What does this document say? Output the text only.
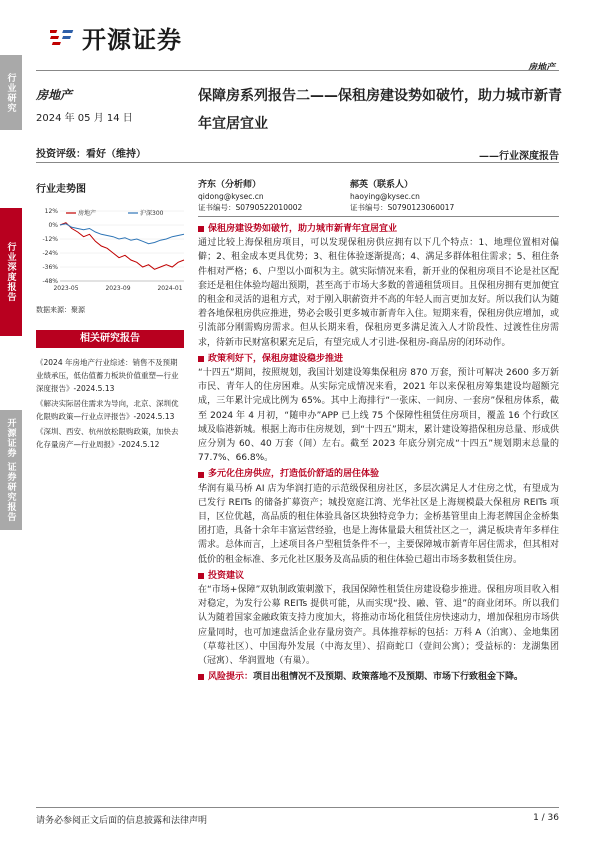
开源证券
房地产
行业研究
行业深度报告
开源证券 证券研究报告
房地产
2024 年 05 月 14 日
投资评级：看好（维持）
行业走势图
12%
0%
-12%
-24%
-36%
-48%
2023-05	2023-09	2024-01
房地产	沪深300
数据来源：聚源
相关研究报告
《2024 年房地产行业综述：销售不及预期业绩承压，低估值蓄力板块价值重塑—行业深度报告》-2024.5.13
《解决实际居住需求为导向，北京、深圳优化限购政策—行业点评报告》-2024.5.13
《深圳、西安、杭州放松限购政策，加快去化存量房产—行业周报》-2024.5.12
保障房系列报告二——保租房建设势如破竹，助力城市新青年宜居宜业
——行业深度报告
齐东（分析师）
qidong@kysec.cn
证书编号：S0790522010002
郝英（联系人）
haoying@kysec.cn
证书编号：S0790123060017
保租房建设势如破竹，助力城市新青年宜居宜业
通过比较上海保租房项目，可以发现保租房供应拥有以下几个特点：1、地理位置相对偏僻；2、租金成本更具优势；3、租住体验逐渐提高；4、满足多群体租住需求；5、租住条件相对严格；6、户型以小面积为主。就实际情况来看，新开业的保租房项目不论是社区配套还是租住体验均超出预期，甚至高于市场大多数的普通租赁项目。且保租房拥有更加便宜的租金和灵活的退租方式，对于刚入职薪资并不高的年轻人而言更加友好。所以我们认为随着各地保租房供应推进，势必会吸引更多城市新青年入住。短期来看，保租房供应增加，或引流部分刚需购房需求。但从长期来看，保租房更多满足流入人才阶段性、过渡性住房需求，待新市民财富积累充足后，有望完成人才引进-保租房-商品房的闭环动作。
政策利好下，保租房建设稳步推进
“十四五”期间，按照规划，我国计划建设筹集保租房 870 万套，预计可解决 2600 多万新市民、青年人的住房困难。从实际完成情况来看，2021 年以来保租房筹集建设均超额完成，三年累计完成比例为 65%。其中上海排行“一张床、一间房、一套房”保租房体系，截至 2024 年 4 月初，“随申办”APP 已上线 75 个保障性租赁住房项目，覆盖 16 个行政区域及临港新城。根据上海市住房规划，到“十四五”期末，累计建设筹措保租房总量、形成供应分别为 60、40 万套（间）左右。截至 2023 年底分别完成“十四五”规划期末总量的 77.7%、66.8%。
多元化住房供应，打造低价舒适的居住体验
华润有巢马桥 AI 店为华润打造的示范级保租房社区，多层次满足人才住房之忧，有望成为已发行 REITs 的储备扩募资产；城投宽庭江湾、光华社区是上海规模最大保租房 REITs 项目，区位优越，高品质的租住体验具备区块独特竞争力；金桥基管里由上海老牌国企金桥集团打造，具备十余年丰富运营经验，也是上海体量最大租赁社区之一，满足板块青年多样住需求。总体而言，上述项目各户型租赁条件不一，主要保障城市新青年居住需求，但其相对低价的租金标准、多元化社区服务及高品质的租住体验已超出市场多数租赁住房。
投资建议
在“市场+保障”双轨制政策刺激下，我国保障性租赁住房建设稳步推进。保租房项目收入相对稳定，为发行公募 REITs 提供可能，从而实现“投、融、管、退”的商业闭环。所以我们认为随着国家金融政策支持力度加大，将推动市场化租赁住房快速动力，增加保租房市场供应量同时，也可加速盘活企业存量房资产。具体推荐标的包括：万科 A（泊寓）、金地集团（草莓社区）、中国海外发展（中海友里）、招商蛇口（壹间公寓）；受益标的：龙湖集团（冠寓）、华润置地（有巢）。
风险提示： 项目出租情况不及预期、政策落地不及预期、市场下行致租金下降。
请务必参阅正文后面的信息披露和法律声明	1 / 36
